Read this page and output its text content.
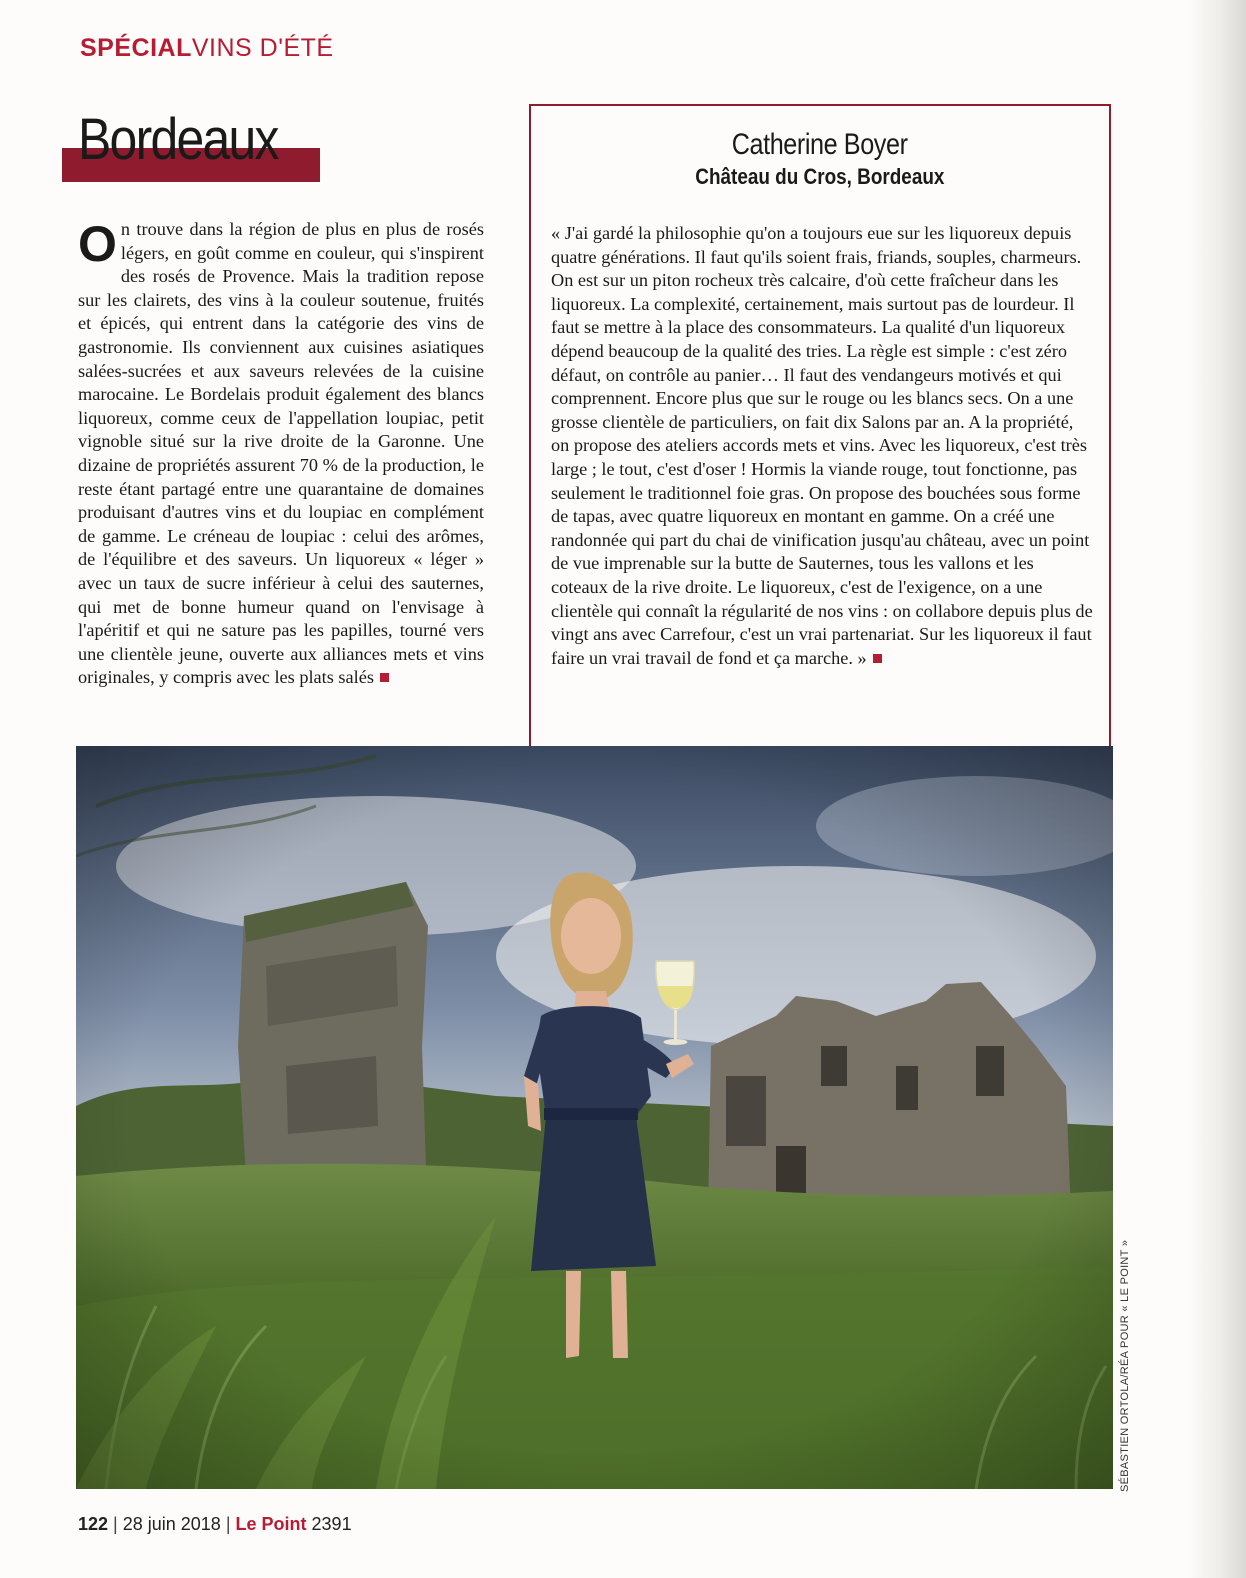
SPÉCIALVINS D'ÉTÉ
Bordeaux
O n trouve dans la région de plus en plus de rosés légers, en goût comme en couleur, qui s'inspirent des rosés de Provence. Mais la tradition repose sur les clairets, des vins à la couleur soutenue, fruités et épicés, qui entrent dans la catégorie des vins de gastronomie. Ils conviennent aux cuisines asiatiques salées-sucrées et aux saveurs relevées de la cuisine marocaine. Le Bordelais produit également des blancs liquoreux, comme ceux de l'appellation loupiac, petit vignoble situé sur la rive droite de la Garonne. Une dizaine de propriétés assurent 70 % de la production, le reste étant partagé entre une quarantaine de domaines produisant d'autres vins et du loupiac en complément de gamme. Le créneau de loupiac : celui des arômes, de l'équilibre et des saveurs. Un liquoreux « léger » avec un taux de sucre inférieur à celui des sauternes, qui met de bonne humeur quand on l'envisage à l'apéritif et qui ne sature pas les papilles, tourné vers une clientèle jeune, ouverte aux alliances mets et vins originales, y compris avec les plats salés
Catherine Boyer
Château du Cros, Bordeaux
« J'ai gardé la philosophie qu'on a toujours eue sur les liquoreux depuis quatre générations. Il faut qu'ils soient frais, friands, souples, charmeurs. On est sur un piton rocheux très calcaire, d'où cette fraîcheur dans les liquoreux. La complexité, certainement, mais surtout pas de lourdeur. Il faut se mettre à la place des consommateurs. La qualité d'un liquoreux dépend beaucoup de la qualité des tries. La règle est simple : c'est zéro défaut, on contrôle au panier… Il faut des vendangeurs motivés et qui comprennent. Encore plus que sur le rouge ou les blancs secs. On a une grosse clientèle de particuliers, on fait dix Salons par an. A la propriété, on propose des ateliers accords mets et vins. Avec les liquoreux, c'est très large ; le tout, c'est d'oser ! Hormis la viande rouge, tout fonctionne, pas seulement le traditionnel foie gras. On propose des bouchées sous forme de tapas, avec quatre liquoreux en montant en gamme. On a créé une randonnée qui part du chai de vinification jusqu'au château, avec un point de vue imprenable sur la butte de Sauternes, tous les vallons et les coteaux de la rive droite. Le liquoreux, c'est de l'exigence, on a une clientèle qui connaît la régularité de nos vins : on collabore depuis plus de vingt ans avec Carrefour, c'est un vrai partenariat. Sur les liquoreux il faut faire un vrai travail de fond et ça marche. »
SÉBASTIEN ORTOLA/RÉA POUR « LE POINT »
122 | 28 juin 2018 | Le Point 2391
